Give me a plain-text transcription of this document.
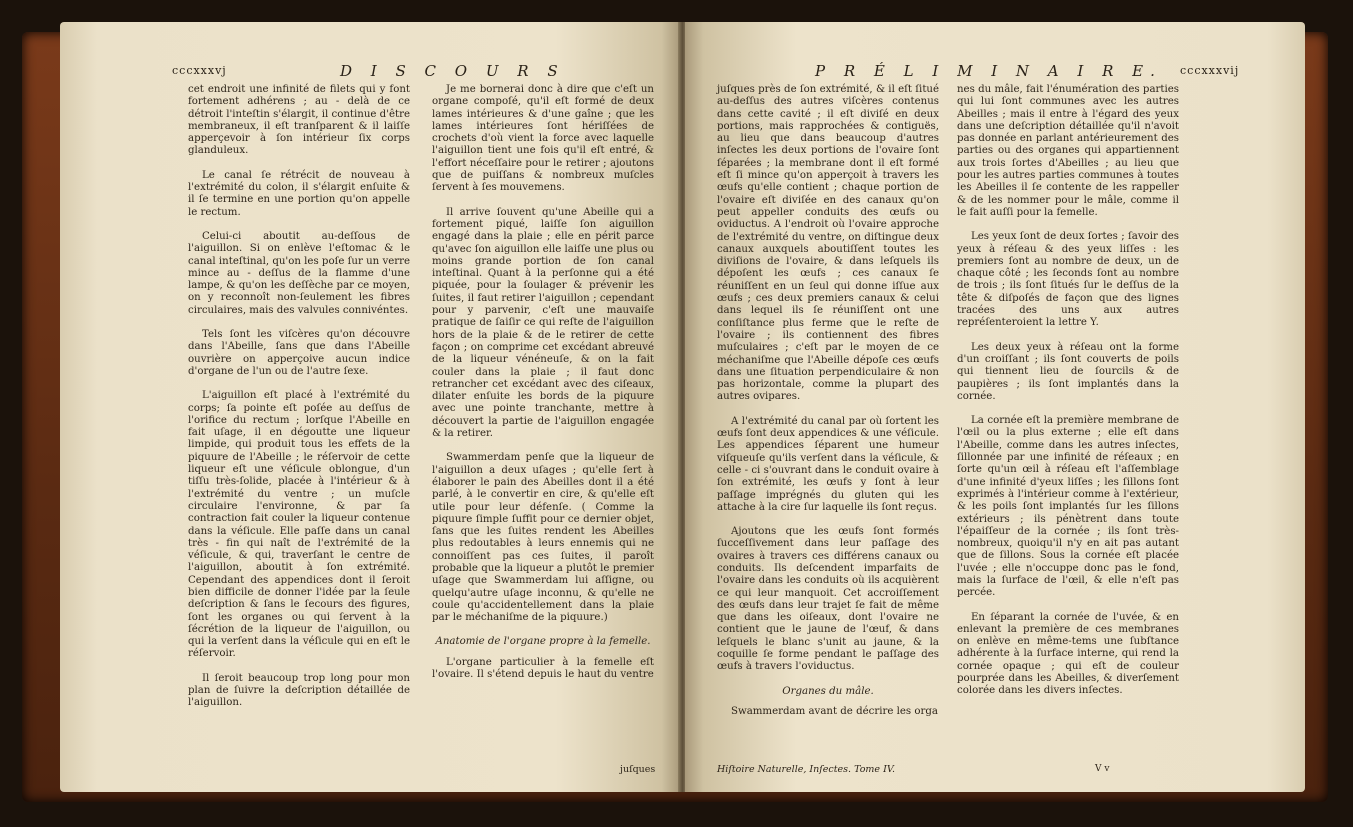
cccxxxvj	D I S C O U R S

cet endroit une infinité de filets qui y font fortement adhérens ; au - delà de ce détroit l'inteſtin s'élargit, il continue d'être membraneux, il eſt tranſparent & il laiſſe apperçevoir à ſon intérieur ſix corps glanduleux.

Le canal ſe rétrécit de nouveau à l'extrémité du colon, il s'élargit enſuite & il ſe termine en une portion qu'on appelle le rectum.

Celui-ci aboutit au-deſſous de l'aiguillon. Si on enlève l'eſtomac & le canal inteſtinal, qu'on les poſe ſur un verre mince au - deſſus de la flamme d'une lampe, & qu'on les deſſèche par ce moyen, on y reconnoît non-ſeulement les fibres circulaires, mais des valvules connivéntes.

Tels ſont les viſcères qu'on découvre dans l'Abeille, ſans que dans l'Abeille ouvrière on apperçoive aucun indice d'organe de l'un ou de l'autre ſexe.

L'aiguillon eſt placé à l'extrémité du corps; ſa pointe eſt poſée au deſſus de l'orifice du rectum ; lorſque l'Abeille en fait uſage, il en dégoutte une liqueur limpide, qui produit tous les effets de la piquure de l'Abeille ; le réſervoir de cette liqueur eſt une véſicule oblongue, d'un tiſſu très-ſolide, placée à l'intérieur & à l'extrémité du ventre ; un muſcle circulaire l'environne, & par ſa contraction fait couler la liqueur contenue dans la véſicule. Elle paſſe dans un canal très - fin qui naît de l'extrémité de la véſicule, & qui, traverſant le centre de l'aiguillon, aboutit à ſon extrémité. Cependant des appendices dont il ſeroit bien difficile de donner l'idée par la ſeule deſcription & ſans le ſecours des figures, ſont les organes ou qui ſervent à la ſécrétion de la liqueur de l'aiguillon, ou qui la verſent dans la véſicule qui en eſt le réſervoir.

Il ſeroit beaucoup trop long pour mon plan de ſuivre la deſcription détaillée de l'aiguillon.

Je me bornerai donc à dire que c'eſt un organe compoſé, qu'il eſt formé de deux lames intérieures & d'une gaîne ; que les lames intérieures ſont hériſſées de crochets d'où vient la force avec laquelle l'aiguillon tient une fois qu'il eſt entré, & l'effort néceſſaire pour le retirer ; ajoutons que de puiſſans & nombreux muſcles ſervent à ſes mouvemens.

Il arrive ſouvent qu'une Abeille qui a fortement piqué, laiſſe ſon aiguillon engagé dans la plaie ; elle en périt parce qu'avec ſon aiguillon elle laiſſe une plus ou moins grande portion de ſon canal inteſtinal. Quant à la perſonne qui a été piquée, pour la ſoulager & prévenir les ſuites, il faut retirer l'aiguillon ; cependant pour y parvenir, c'eſt une mauvaiſe pratique de ſaiſir ce qui reſte de l'aiguillon hors de la plaie & de le retirer de cette façon ; on comprime cet excédant abreuvé de la liqueur vénéneuſe, & on la fait couler dans la plaie ; il faut donc retrancher cet excédant avec des ciſeaux, dilater enſuite les bords de la piquure avec une pointe tranchante, mettre à découvert la partie de l'aiguillon engagée & la retirer.

Swammerdam penſe que la liqueur de l'aiguillon a deux uſages ; qu'elle ſert à élaborer le pain des Abeilles dont il a été parlé, à le convertir en cire, & qu'elle eſt utile pour leur défenſe. ( Comme la piquure ſimple ſuffit pour ce dernier objet, ſans que les ſuites rendent les Abeilles plus redoutables à leurs ennemis qui ne connoiſſent pas ces ſuites, il paroît probable que la liqueur a plutôt le premier uſage que Swammerdam lui aſſigne, ou quelqu'autre uſage inconnu, & qu'elle ne coule qu'accidentellement dans la plaie par le méchaniſme de la piquure.)

Anatomie de l'organe propre à la femelle.

L'organe particulier à la femelle eſt l'ovaire. Il s'étend depuis le haut du ventre

juſques
P R É L I M I N A I R E. cccxxxvij

juſques près de ſon extrémité, & il eſt ſitué au-deſſus des autres viſcères contenus dans cette cavité ; il eſt diviſé en deux portions, mais rapprochées & contiguës, au lieu que dans beaucoup d'autres inſectes les deux portions de l'ovaire ſont ſéparées ; la membrane dont il eſt formé eſt ſi mince qu'on apperçoit à travers les œufs qu'elle contient ; chaque portion de l'ovaire eſt diviſée en des canaux qu'on peut appeller conduits des œufs ou oviductus. A l'endroit où l'ovaire approche de l'extrémité du ventre, on diſtingue deux canaux auxquels aboutiſſent toutes les diviſions de l'ovaire, & dans leſquels ils dépoſent les œufs ; ces canaux ſe réuniſſent en un ſeul qui donne iſſue aux œufs ; ces deux premiers canaux & celui dans lequel ils ſe réuniſſent ont une conſiſtance plus ferme que le reſte de l'ovaire ; ils contiennent des fibres muſculaires ; c'eſt par le moyen de ce méchaniſme que l'Abeille dépoſe ces œufs dans une ſituation perpendiculaire & non pas horizontale, comme la plupart des autres ovipares.

A l'extrémité du canal par où ſortent les œufs ſont deux appendices & une véſicule. Les appendices ſéparent une humeur viſqueuſe qu'ils verſent dans la véſicule, & celle - ci s'ouvrant dans le conduit ovaire à ſon extrémité, les œufs y ſont à leur paſſage imprégnés du gluten qui les attache à la cire ſur laquelle ils ſont reçus.

Ajoutons que les œufs ſont formés ſucceſſivement dans leur paſſage des ovaires à travers ces différens canaux ou conduits. Ils deſcendent imparfaits de l'ovaire dans les conduits où ils acquièrent ce qui leur manquoit. Cet accroiſſement des œufs dans leur trajet ſe fait de même que dans les oiſeaux, dont l'ovaire ne contient que le jaune de l'œuf, & dans leſquels le blanc s'unit au jaune, & la coquille ſe forme pendant le paſſage des œufs à travers l'oviductus.

Organes du mâle.

Swammerdam avant de décrire les orga

nes du mâle, fait l'énumération des parties qui lui ſont communes avec les autres Abeilles ; mais il entre à l'égard des yeux dans une deſcription détaillée qu'il n'avoit pas donnée en parlant antérieurement des parties ou des organes qui appartiennent aux trois ſortes d'Abeilles ; au lieu que pour les autres parties communes à toutes les Abeilles il ſe contente de les rappeller & de les nommer pour le mâle, comme il le fait auſſi pour la femelle.

Les yeux ſont de deux ſortes ; ſavoir des yeux à réſeau & des yeux liſſes : les premiers ſont au nombre de deux, un de chaque côté ; les ſeconds ſont au nombre de trois ; ils ſont ſitués ſur le deſſus de la tête & diſpoſés de façon que des lignes tracées des uns aux autres repréſenteroient la lettre Y.

Les deux yeux à réſeau ont la forme d'un croiſſant ; ils ſont couverts de poils qui tiennent lieu de ſourcils & de paupières ; ils ſont implantés dans la cornée.

La cornée eſt la première membrane de l'œil ou la plus externe ; elle eſt dans l'Abeille, comme dans les autres inſectes, ſillonnée par une infinité de réſeaux ; en ſorte qu'un œil à réſeau eſt l'aſſemblage d'une infinité d'yeux liſſes ; les ſillons ſont exprimés à l'intérieur comme à l'extérieur, & les poils ſont implantés ſur les ſillons extérieurs ; ils pénètrent dans toute l'épaiſſeur de la cornée ; ils ſont très-nombreux, quoiqu'il n'y en ait pas autant que de ſillons. Sous la cornée eſt placée l'uvée ; elle n'occuppe donc pas le fond, mais la ſurface de l'œil, & elle n'eſt pas percée.

En ſéparant la cornée de l'uvée, & en enlevant la première de ces membranes on enlève en même-tems une ſubſtance adhérente à la ſurface interne, qui rend la cornée opaque ; qui eſt de couleur pourprée dans les Abeilles, & diverſement colorée dans les divers inſectes.

Hiſtoire Naturelle, Inſectes. Tome IV.	V v
